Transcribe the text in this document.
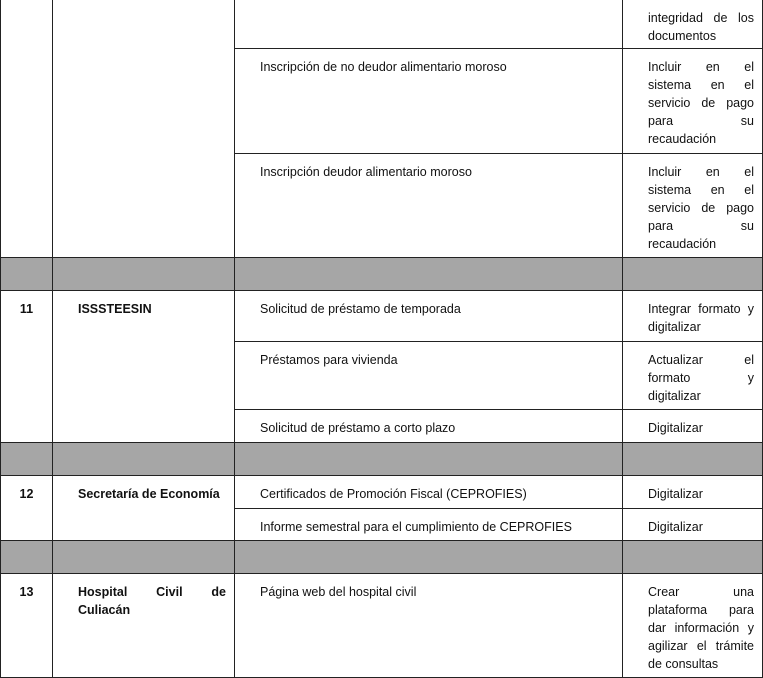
			integridad de los documentos
		Inscripción de no deudor alimentario moroso	Incluir en el
sistema en el
servicio de pago
para su
recaudación

		Inscripción deudor alimentario moroso	Incluir en el
sistema en el
servicio de pago
para su
recaudación

11	ISSSTEESIN	Solicitud de préstamo de temporada	Integrar formato y digitalizar
		Préstamos para vivienda	Actualizar el
formato y
digitalizar

		Solicitud de préstamo a corto plazo	Digitalizar

12	Secretaría de Economía	Certificados de Promoción Fiscal (CEPROFIES)	Digitalizar
		Informe semestral para el cumplimiento de CEPROFIES	Digitalizar

13	Hospital Civil de
Culiacán	Página web del hospital civil	Crear una plataforma para dar información y agilizar el trámite de consultas
